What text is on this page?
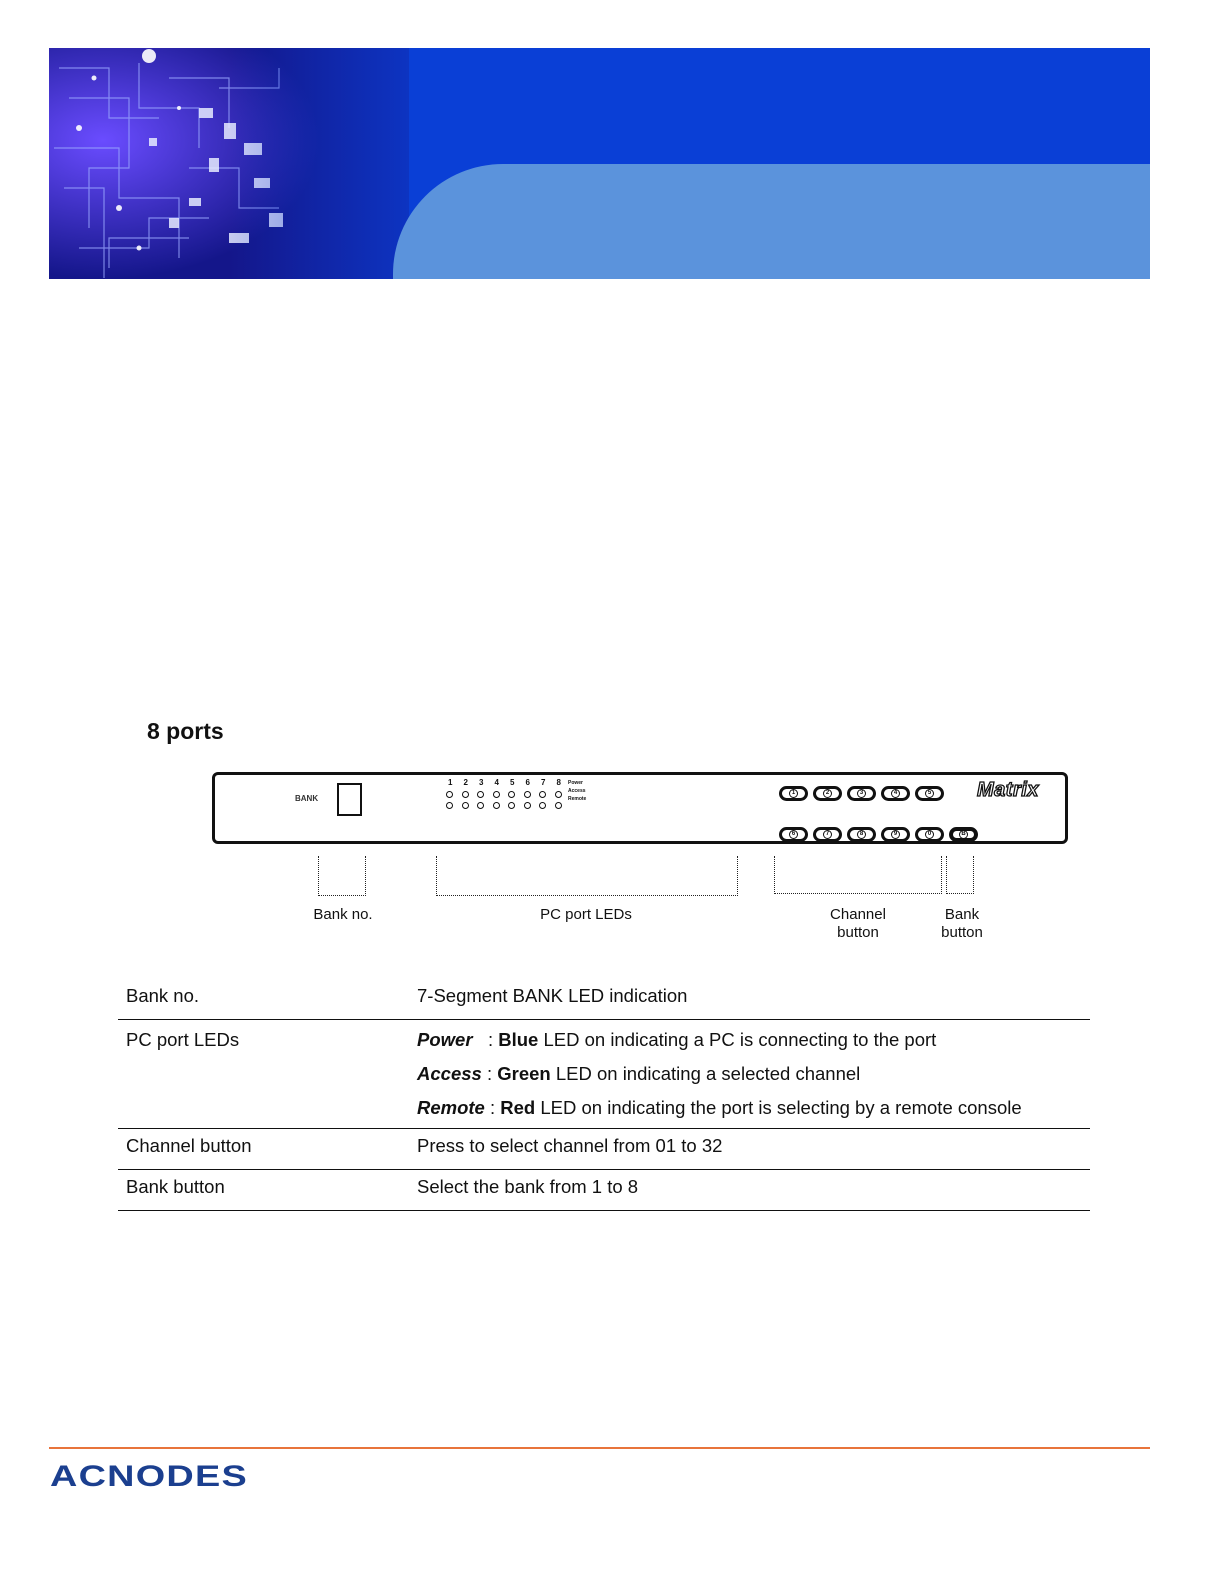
8 ports
BANK
1	2	3	4	5	6	7	8	Power
Access
Remote
1	2	3	4	5
6	7	8	9	0	B
Matrix
Bank no.	PC port LEDs	Channel
button
Bank
button
Bank no.	7-Segment BANK LED indication

PC port LEDs	Power   : Blue LED on indicating a PC is connecting to the port
Access : Green LED on indicating a selected channel
Remote : Red LED on indicating the port is selecting by a remote console

Channel button	Press to select channel from 01 to 32
Bank button	Select the bank from 1 to 8
ACNODES
